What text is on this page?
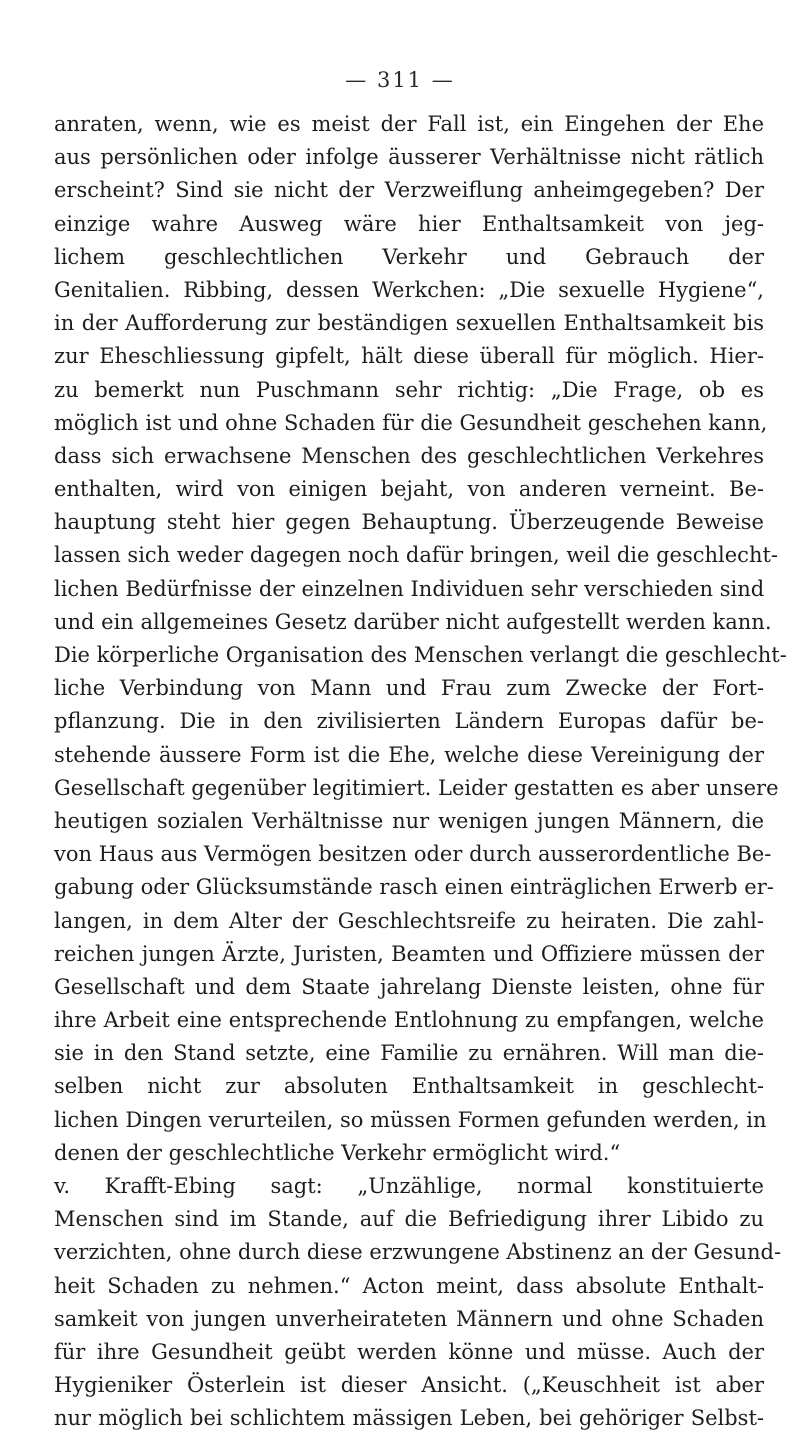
— 311 —
anraten, wenn, wie es meist der Fall ist, ein Eingehen der Ehe
aus persönlichen oder infolge äusserer Verhältnisse nicht rätlich
erscheint? Sind sie nicht der Verzweiflung anheimgegeben? Der
einzige wahre Ausweg wäre hier Enthaltsamkeit von jeg-
lichem geschlechtlichen Verkehr und Gebrauch der
Genitalien. Ribbing, dessen Werkchen: „Die sexuelle Hygiene“,
in der Aufforderung zur beständigen sexuellen Enthaltsamkeit bis
zur Eheschliessung gipfelt, hält diese überall für möglich. Hier-
zu bemerkt nun Puschmann sehr richtig: „Die Frage, ob es
möglich ist und ohne Schaden für die Gesundheit geschehen kann,
dass sich erwachsene Menschen des geschlechtlichen Verkehres
enthalten, wird von einigen bejaht, von anderen verneint. Be-
hauptung steht hier gegen Behauptung. Überzeugende Beweise
lassen sich weder dagegen noch dafür bringen, weil die geschlecht-
lichen Bedürfnisse der einzelnen Individuen sehr verschieden sind
und ein allgemeines Gesetz darüber nicht aufgestellt werden kann.
Die körperliche Organisation des Menschen verlangt die geschlecht-
liche Verbindung von Mann und Frau zum Zwecke der Fort-
pflanzung. Die in den zivilisierten Ländern Europas dafür be-
stehende äussere Form ist die Ehe, welche diese Vereinigung der
Gesellschaft gegenüber legitimiert. Leider gestatten es aber unsere
heutigen sozialen Verhältnisse nur wenigen jungen Männern, die
von Haus aus Vermögen besitzen oder durch ausserordentliche Be-
gabung oder Glücksumstände rasch einen einträglichen Erwerb er-
langen, in dem Alter der Geschlechtsreife zu heiraten. Die zahl-
reichen jungen Ärzte, Juristen, Beamten und Offiziere müssen der
Gesellschaft und dem Staate jahrelang Dienste leisten, ohne für
ihre Arbeit eine entsprechende Entlohnung zu empfangen, welche
sie in den Stand setzte, eine Familie zu ernähren. Will man die-
selben nicht zur absoluten Enthaltsamkeit in geschlecht-
lichen Dingen verurteilen, so müssen Formen gefunden werden, in
denen der geschlechtliche Verkehr ermöglicht wird.“
v. Krafft-Ebing sagt: „Unzählige, normal konstituierte
Menschen sind im Stande, auf die Befriedigung ihrer Libido zu
verzichten, ohne durch diese erzwungene Abstinenz an der Gesund-
heit Schaden zu nehmen.“ Acton meint, dass absolute Enthalt-
samkeit von jungen unverheirateten Männern und ohne Schaden
für ihre Gesundheit geübt werden könne und müsse. Auch der
Hygieniker Österlein ist dieser Ansicht. („Keuschheit ist aber
nur möglich bei schlichtem mässigen Leben, bei gehöriger Selbst-
